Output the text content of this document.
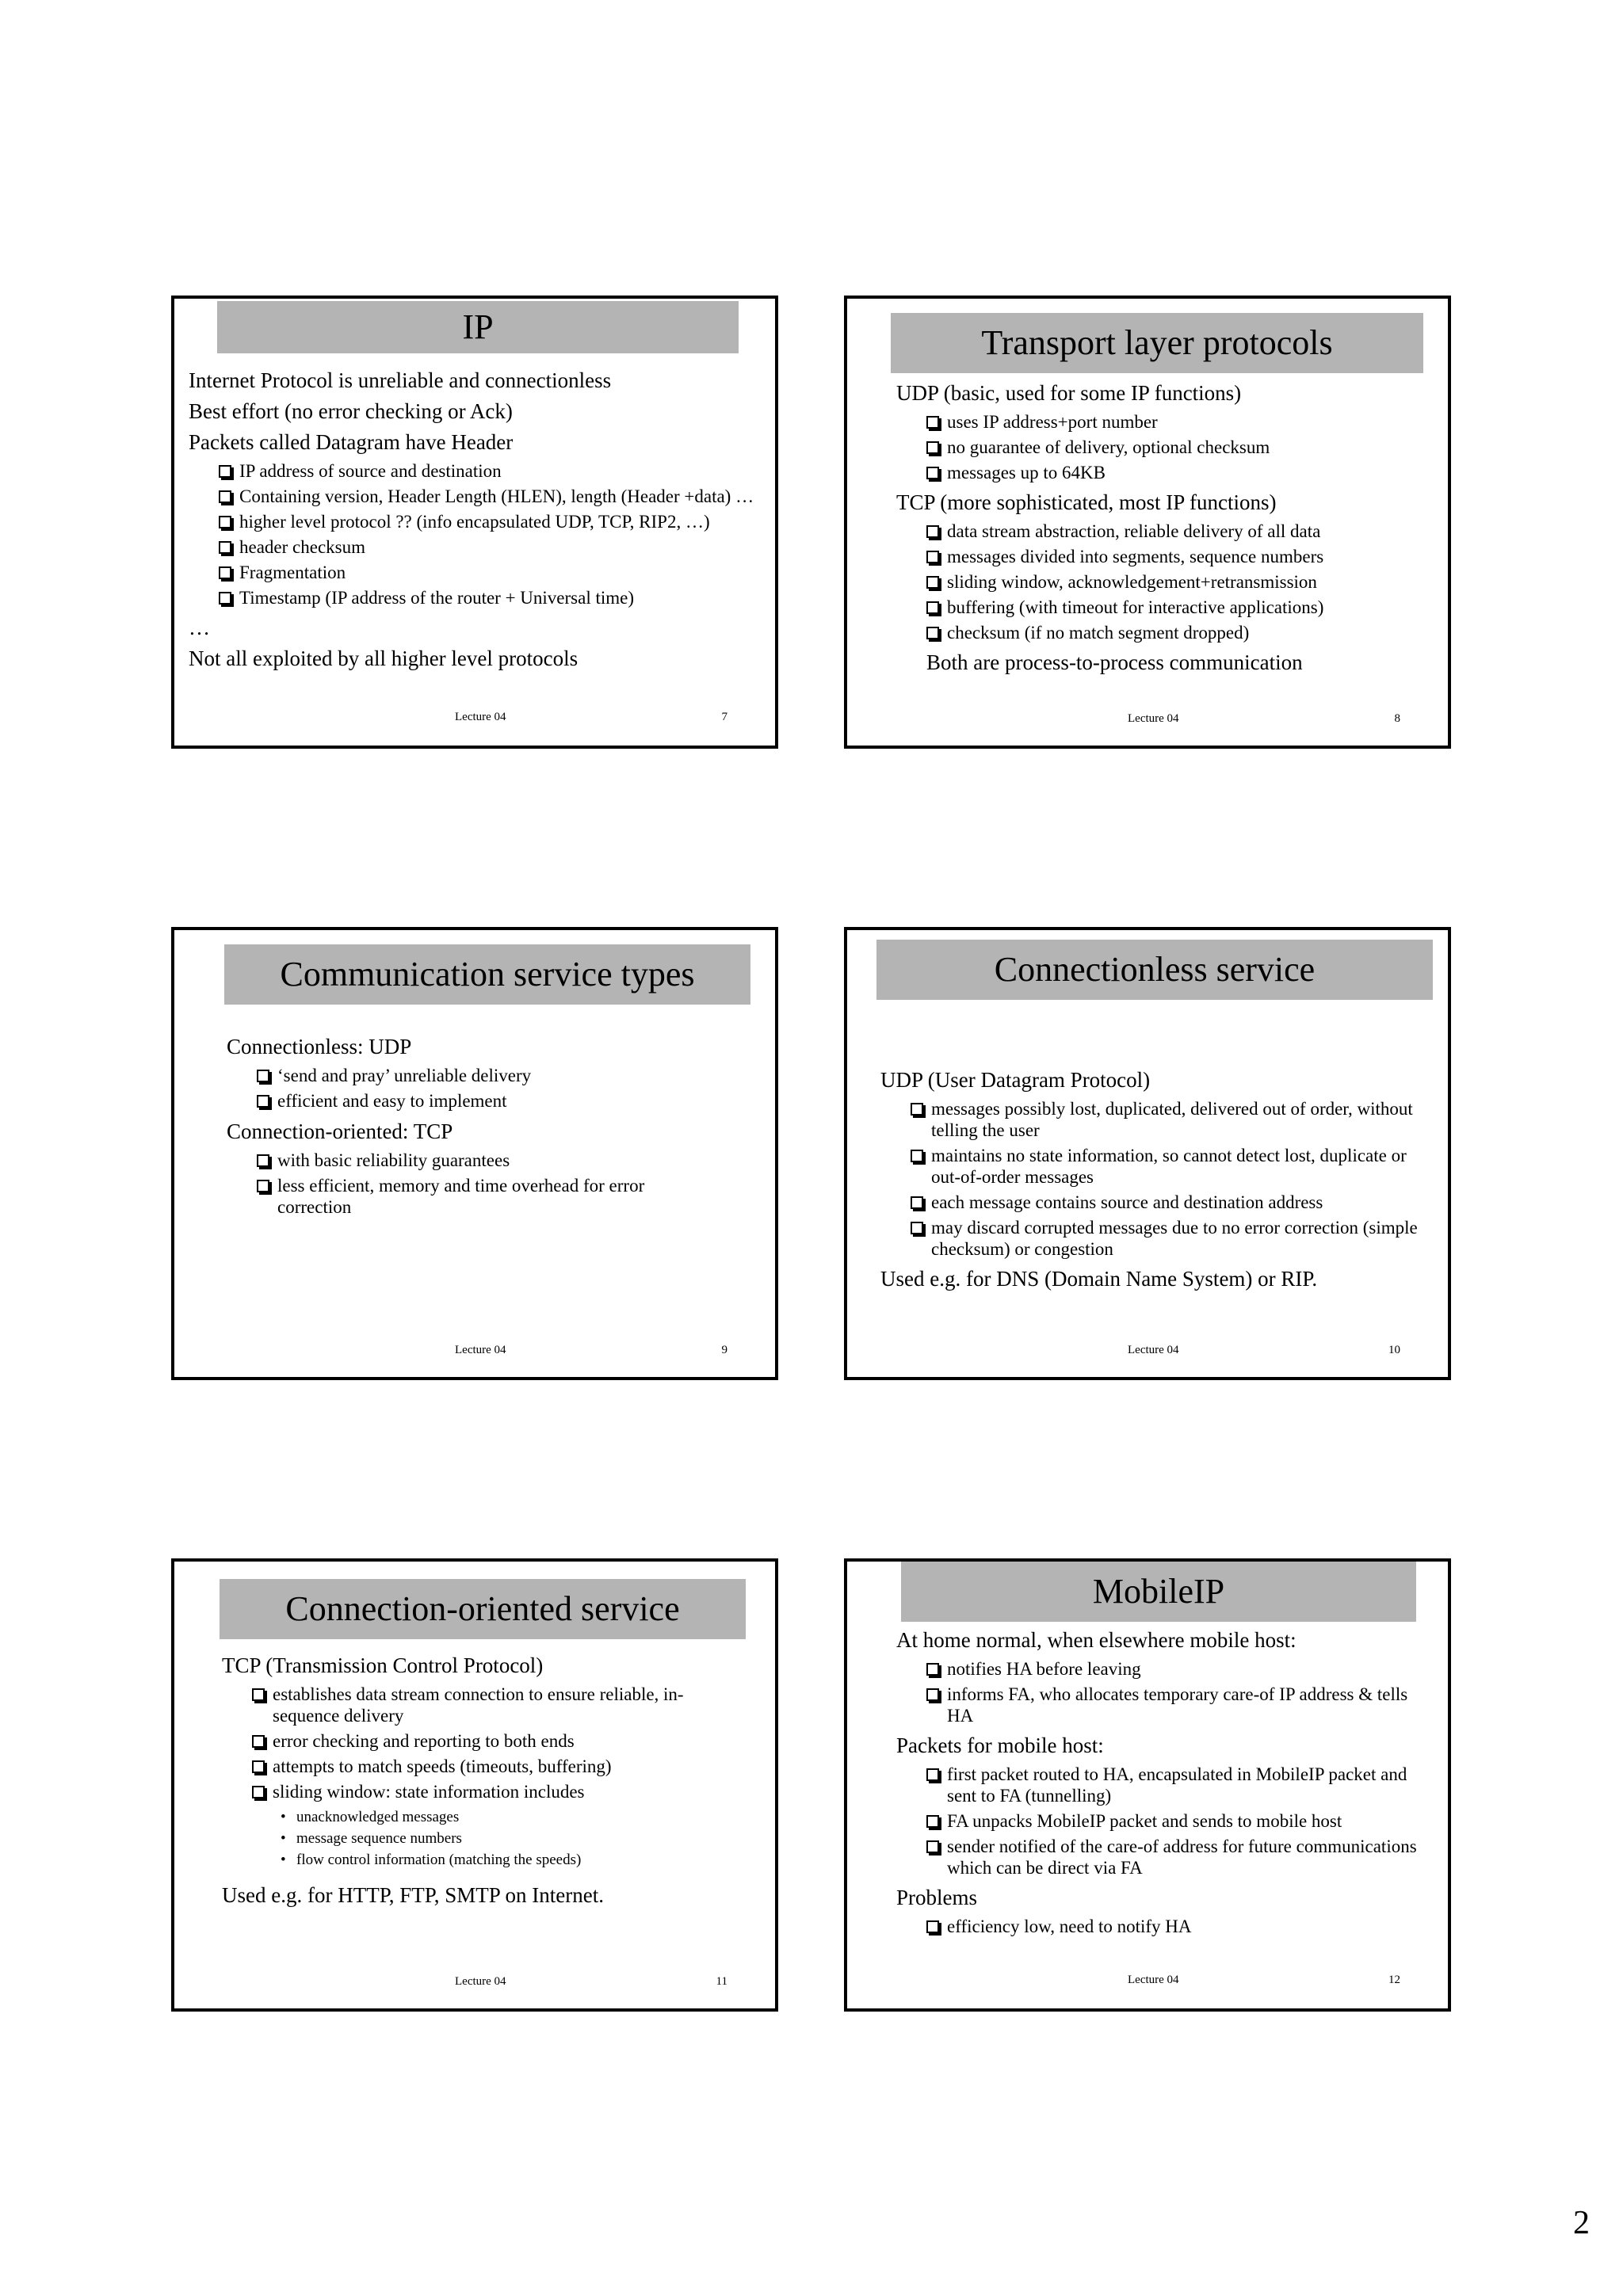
IP
Internet Protocol is unreliable and connectionless
Best effort (no error checking or Ack)
Packets called Datagram have Header
IP address of source and destination
Containing version, Header Length (HLEN), length (Header +data) …
higher level protocol ?? (info encapsulated UDP, TCP, RIP2, …)
header checksum
Fragmentation
Timestamp (IP address of the router + Universal time)
…
Not all exploited by all higher level protocols
Lecture 04	7
Transport layer protocols
UDP (basic, used for some IP functions)
uses IP address+port number
no guarantee of delivery, optional checksum
messages up to 64KB
TCP (more sophisticated, most IP functions)
data stream abstraction, reliable delivery of all data
messages divided into segments, sequence numbers
sliding window, acknowledgement+retransmission
buffering (with timeout for interactive applications)
checksum (if no match segment dropped)
Both are process-to-process communication
Lecture 04	8
Communication service types
Connectionless: UDP
‘send and pray’ unreliable delivery
efficient and easy to implement
Connection-oriented: TCP
with basic reliability guarantees
less efficient, memory and time overhead for error correction
Lecture 04	9
Connectionless service
UDP (User Datagram Protocol)
messages possibly lost, duplicated, delivered out of order, without telling the user
maintains no state information, so cannot detect lost, duplicate or out-of-order messages
each message contains source and destination address
may discard corrupted messages due to no error correction (simple checksum) or congestion
Used e.g. for DNS (Domain Name System) or RIP.
Lecture 04	10
Connection-oriented service
TCP (Transmission Control Protocol)
establishes data stream connection to ensure reliable, in-sequence delivery
error checking and reporting to both ends
attempts to match speeds (timeouts, buffering)
sliding window: state information includes
• unacknowledged messages
• message sequence numbers
• flow control information (matching the speeds)
Used e.g. for HTTP, FTP, SMTP on Internet.
Lecture 04	11
MobileIP
At home normal, when elsewhere mobile host:
notifies HA before leaving
informs FA, who allocates temporary care-of IP address & tells HA
Packets for mobile host:
first packet routed to HA, encapsulated in MobileIP packet and sent to FA (tunnelling)
FA unpacks MobileIP packet and sends to mobile host
sender notified of the care-of address for future communications which can be direct via FA
Problems
efficiency low, need to notify HA
Lecture 04	12
2
